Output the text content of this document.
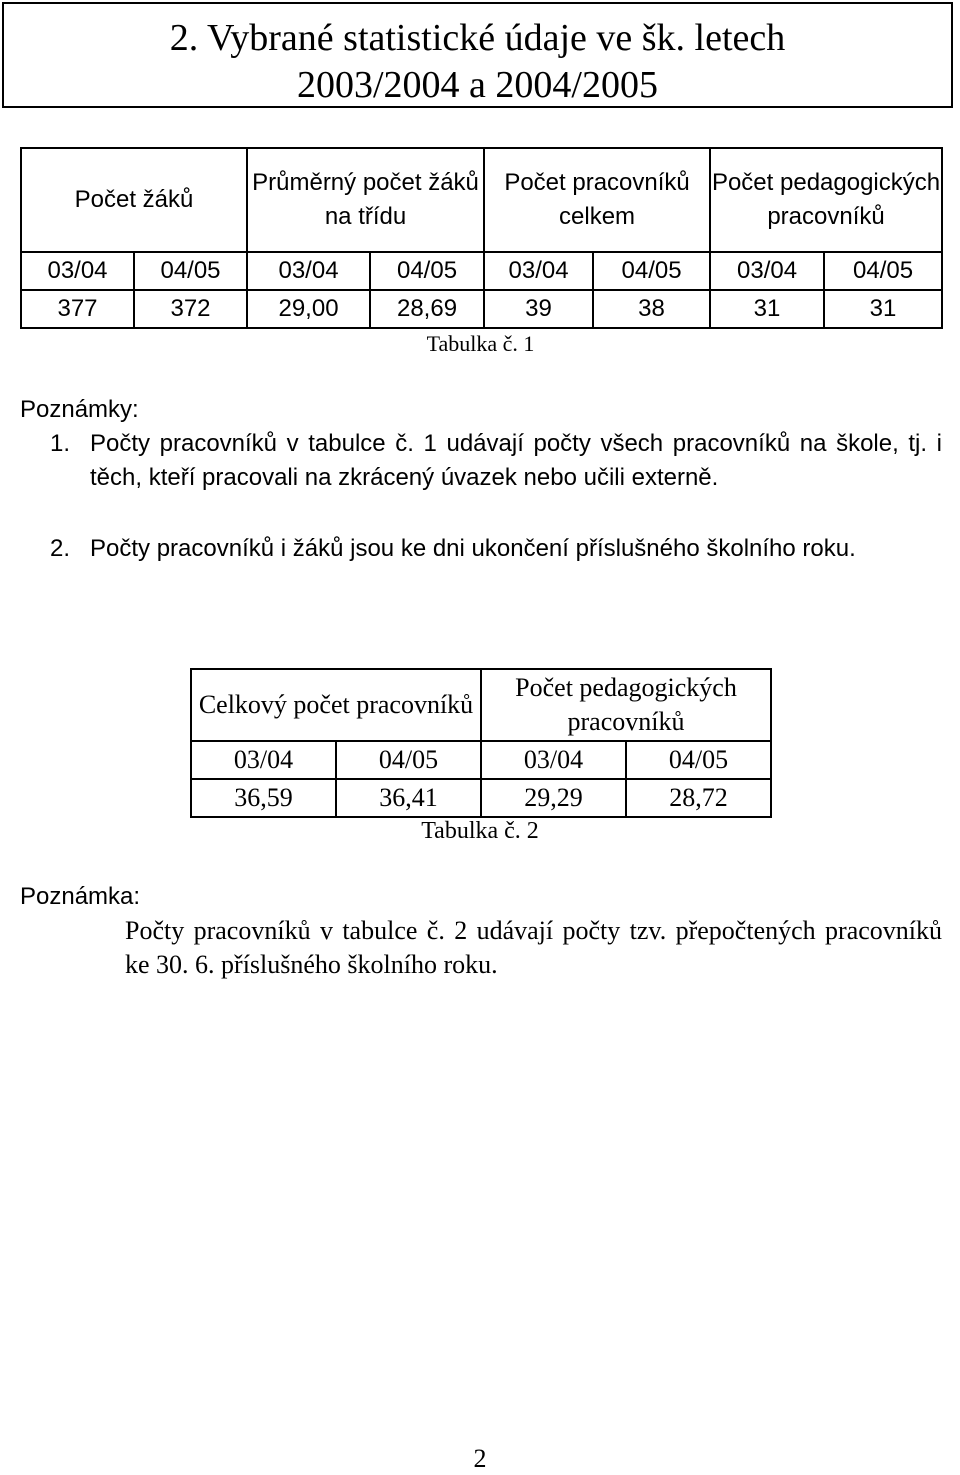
2. Vybrané statistické údaje ve šk. letech
2003/2004 a 2004/2005
Počet žáků		Průměrný počet žáků na třídu		Počet pracovníků celkem		Počet pedagogických pracovníků	
03/04	04/05	03/04	04/05	03/04	04/05	03/04	04/05
377	372	29,00	28,69	39	38	31	31
Tabulka č. 1
Poznámky:
1. Počty pracovníků v tabulce č. 1 udávají počty všech pracovníků na škole, tj. i těch, kteří pracovali na zkrácený úvazek nebo učili externě.
2. Počty pracovníků i žáků jsou ke dni ukončení příslušného školního roku.
Celkový počet pracovníků		Počet pedagogických pracovníků	
03/04	04/05	03/04	04/05
36,59	36,41	29,29	28,72
Tabulka č. 2
Poznámka:
Počty pracovníků v tabulce č. 2 udávají počty tzv. přepočtených pracovníků ke 30. 6. příslušného školního roku.
2
